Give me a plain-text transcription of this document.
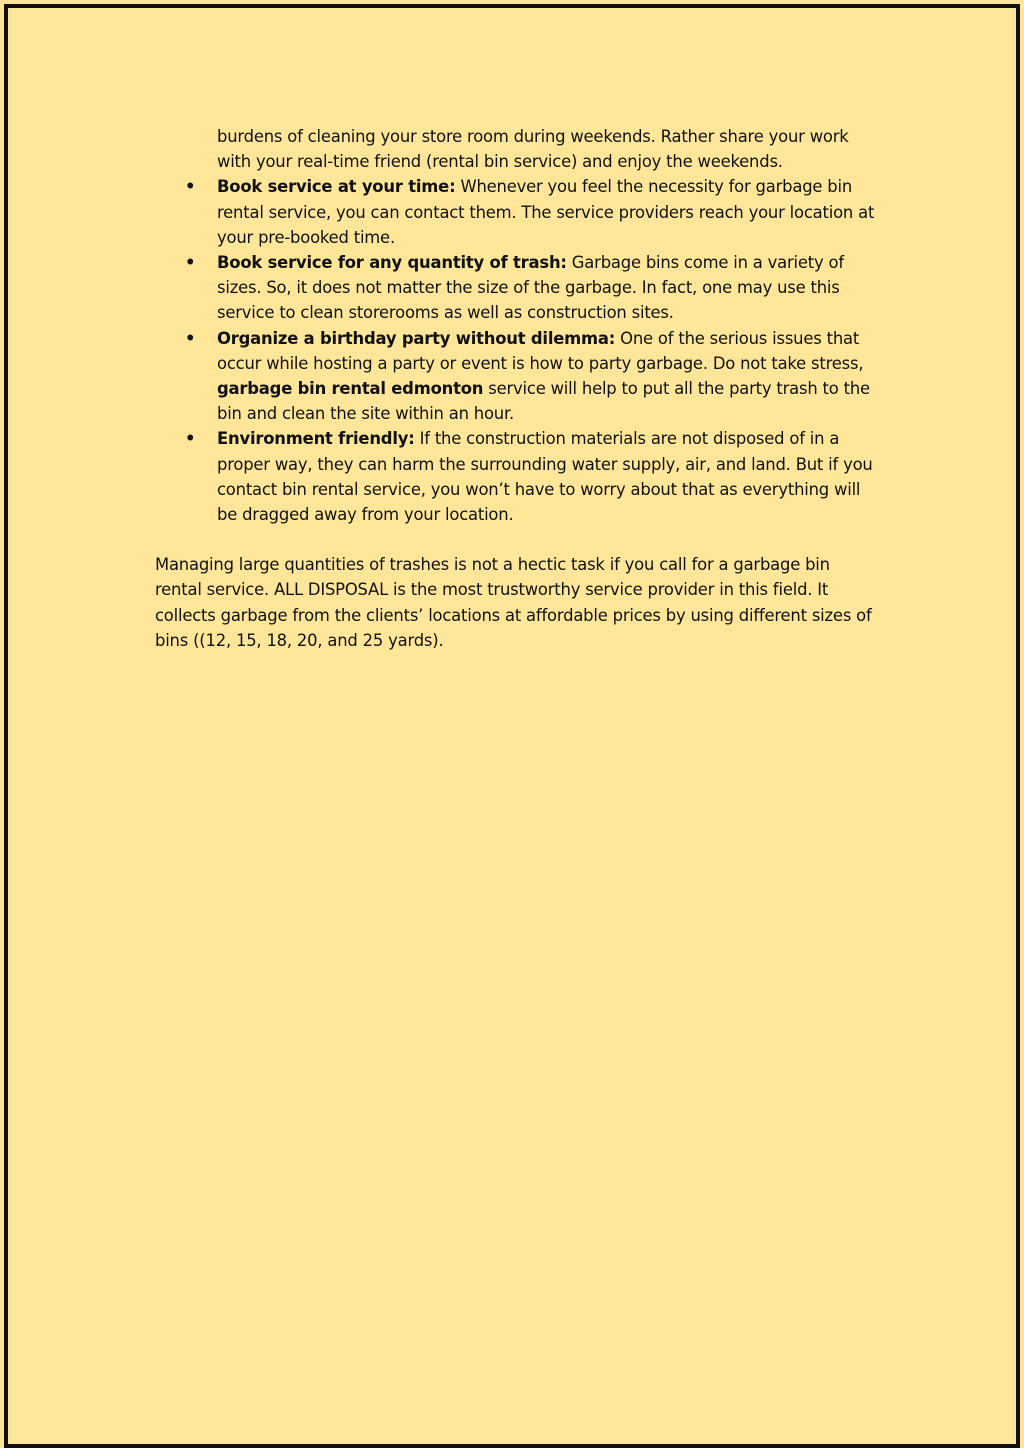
burdens of cleaning your store room during weekends. Rather share your work with your real-time friend (rental bin service) and enjoy the weekends.

• Book service at your time: Whenever you feel the necessity for garbage bin rental service, you can contact them. The service providers reach your location at your pre-booked time.
• Book service for any quantity of trash: Garbage bins come in a variety of sizes. So, it does not matter the size of the garbage. In fact, one may use this service to clean storerooms as well as construction sites.
• Organize a birthday party without dilemma: One of the serious issues that occur while hosting a party or event is how to party garbage. Do not take stress, garbage bin rental edmonton service will help to put all the party trash to the bin and clean the site within an hour.
• Environment friendly: If the construction materials are not disposed of in a proper way, they can harm the surrounding water supply, air, and land. But if you contact bin rental service, you won’t have to worry about that as everything will be dragged away from your location.

Managing large quantities of trashes is not a hectic task if you call for a garbage bin rental service. ALL DISPOSAL is the most trustworthy service provider in this field. It collects garbage from the clients’ locations at affordable prices by using different sizes of bins ((12, 15, 18, 20, and 25 yards).
